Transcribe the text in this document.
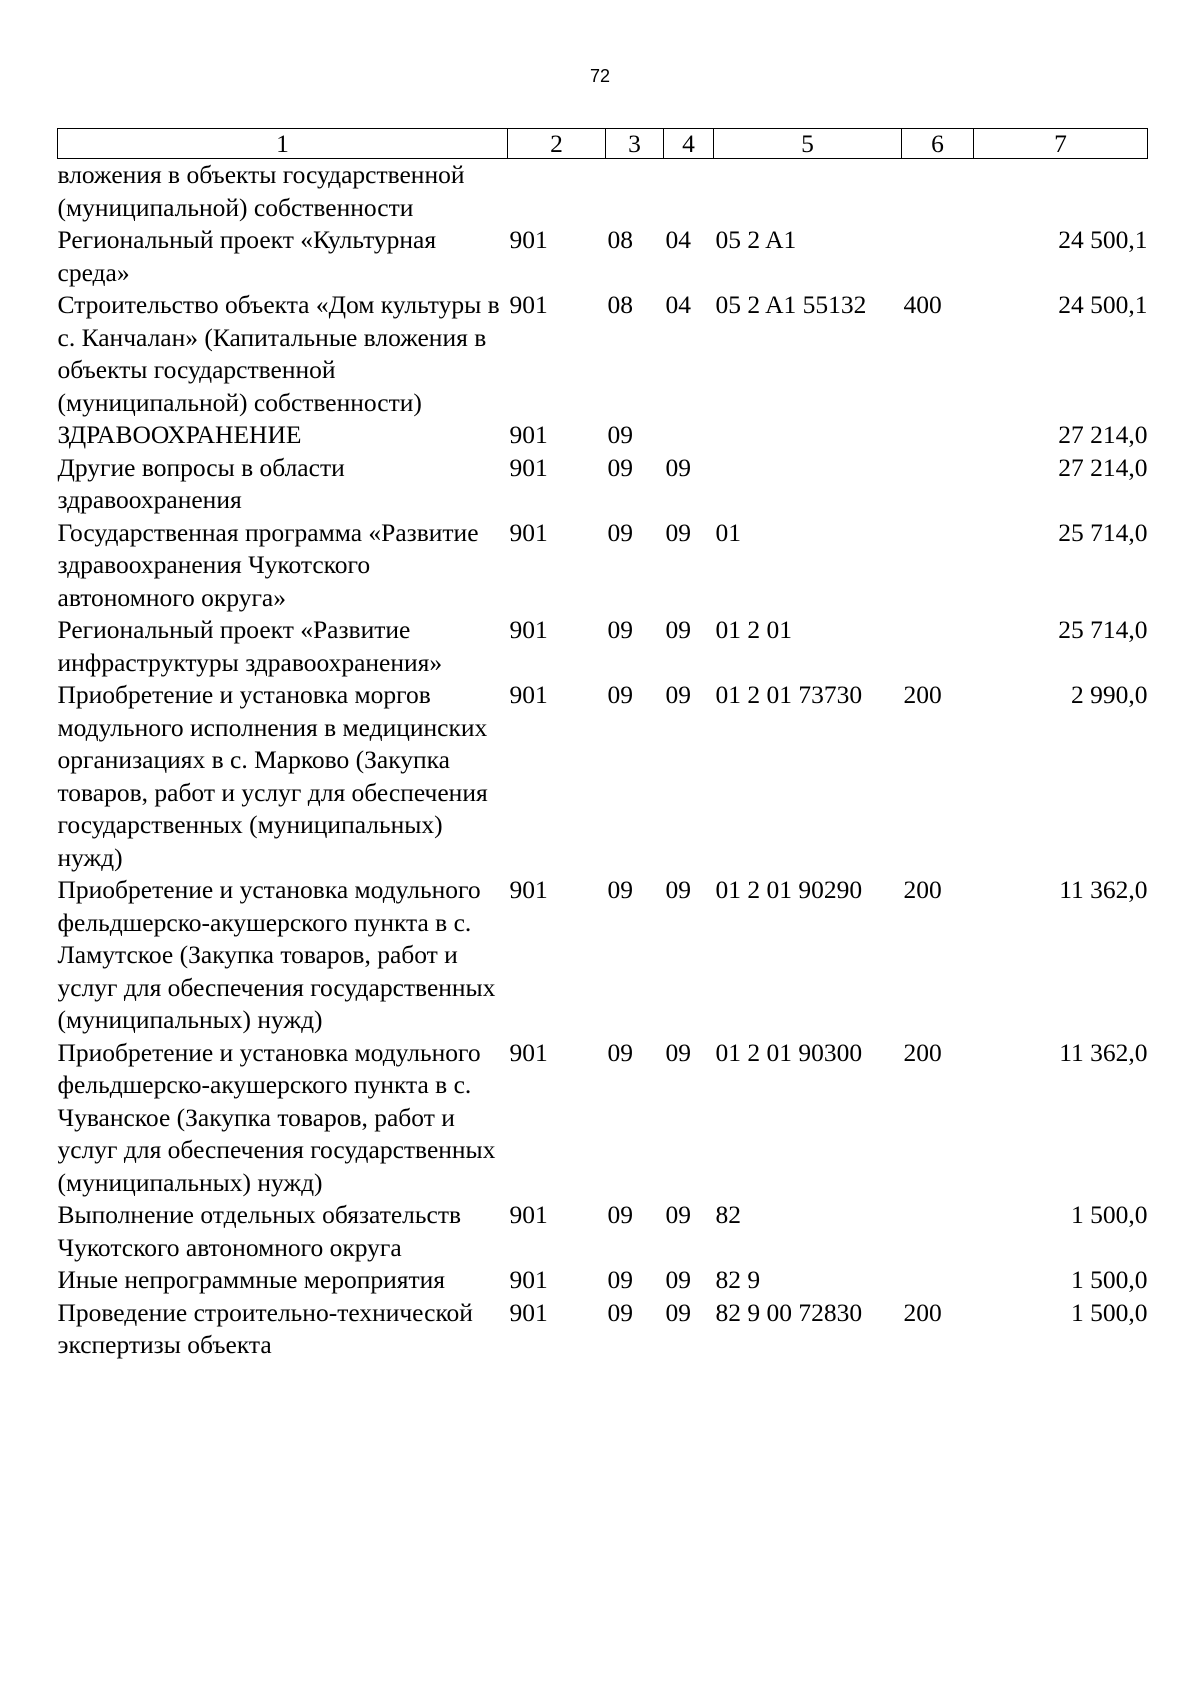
72
1	2	3	4	5	6	7
вложения в объекты государственной (муниципальной) собственности						
Региональный проект «Культурная среда»	901	08	04	05 2 A1		24 500,1
Строительство объекта «Дом культуры в с. Канчалан» (Капитальные вложения в объекты государственной (муниципальной) собственности)	901	08	04	05 2 A1 55132	400	24 500,1
ЗДРАВООХРАНЕНИЕ	901	09				27 214,0
Другие вопросы в области здравоохранения	901	09	09			27 214,0
Государственная программа «Развитие здравоохранения Чукотского автономного округа»	901	09	09	01		25 714,0
Региональный проект «Развитие инфраструктуры здравоохранения»	901	09	09	01 2 01		25 714,0
Приобретение и установка моргов модульного исполнения в медицинских организациях в с. Марково (Закупка товаров, работ и услуг для обеспечения государственных (муниципальных) нужд)	901	09	09	01 2 01 73730	200	2 990,0
Приобретение и установка модульного фельдшерско-акушерского пункта в с. Ламутское (Закупка товаров, работ и услуг для обеспечения государственных (муниципальных) нужд)	901	09	09	01 2 01 90290	200	11 362,0
Приобретение и установка модульного фельдшерско-акушерского пункта в с. Чуванское (Закупка товаров, работ и услуг для обеспечения государственных (муниципальных) нужд)	901	09	09	01 2 01 90300	200	11 362,0
Выполнение отдельных обязательств Чукотского автономного округа	901	09	09	82		1 500,0
Иные непрограммные мероприятия	901	09	09	82 9		1 500,0
Проведение строительно-технической экспертизы объекта	901	09	09	82 9 00 72830	200	1 500,0
